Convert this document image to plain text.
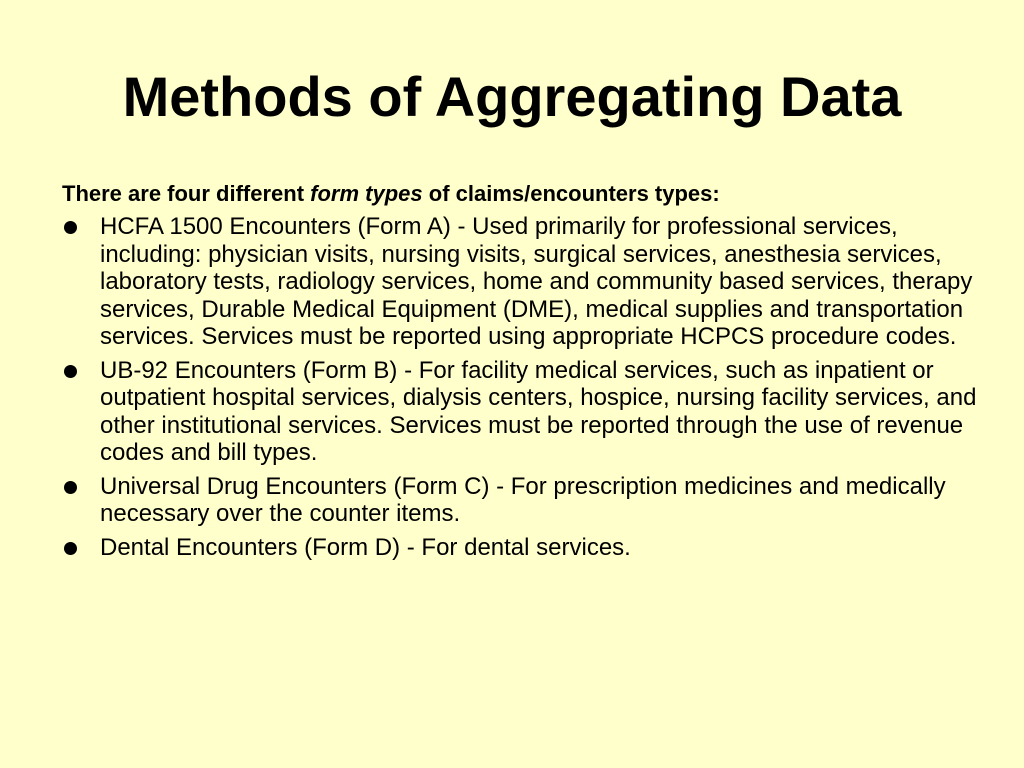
Methods of Aggregating Data

There are four different form types of claims/encounters types:

HCFA 1500 Encounters (Form A) - Used primarily for professional services, including: physician visits, nursing visits, surgical services, anesthesia services, laboratory tests, radiology services, home and community based services, therapy services, Durable Medical Equipment (DME), medical supplies and transportation services. Services must be reported using appropriate HCPCS procedure codes.
UB-92 Encounters (Form B) - For facility medical services, such as inpatient or outpatient hospital services, dialysis centers, hospice, nursing facility services, and other institutional services. Services must be reported through the use of revenue codes and bill types.
Universal Drug Encounters (Form C) - For prescription medicines and medically necessary over the counter items.
Dental Encounters (Form D) - For dental services.
